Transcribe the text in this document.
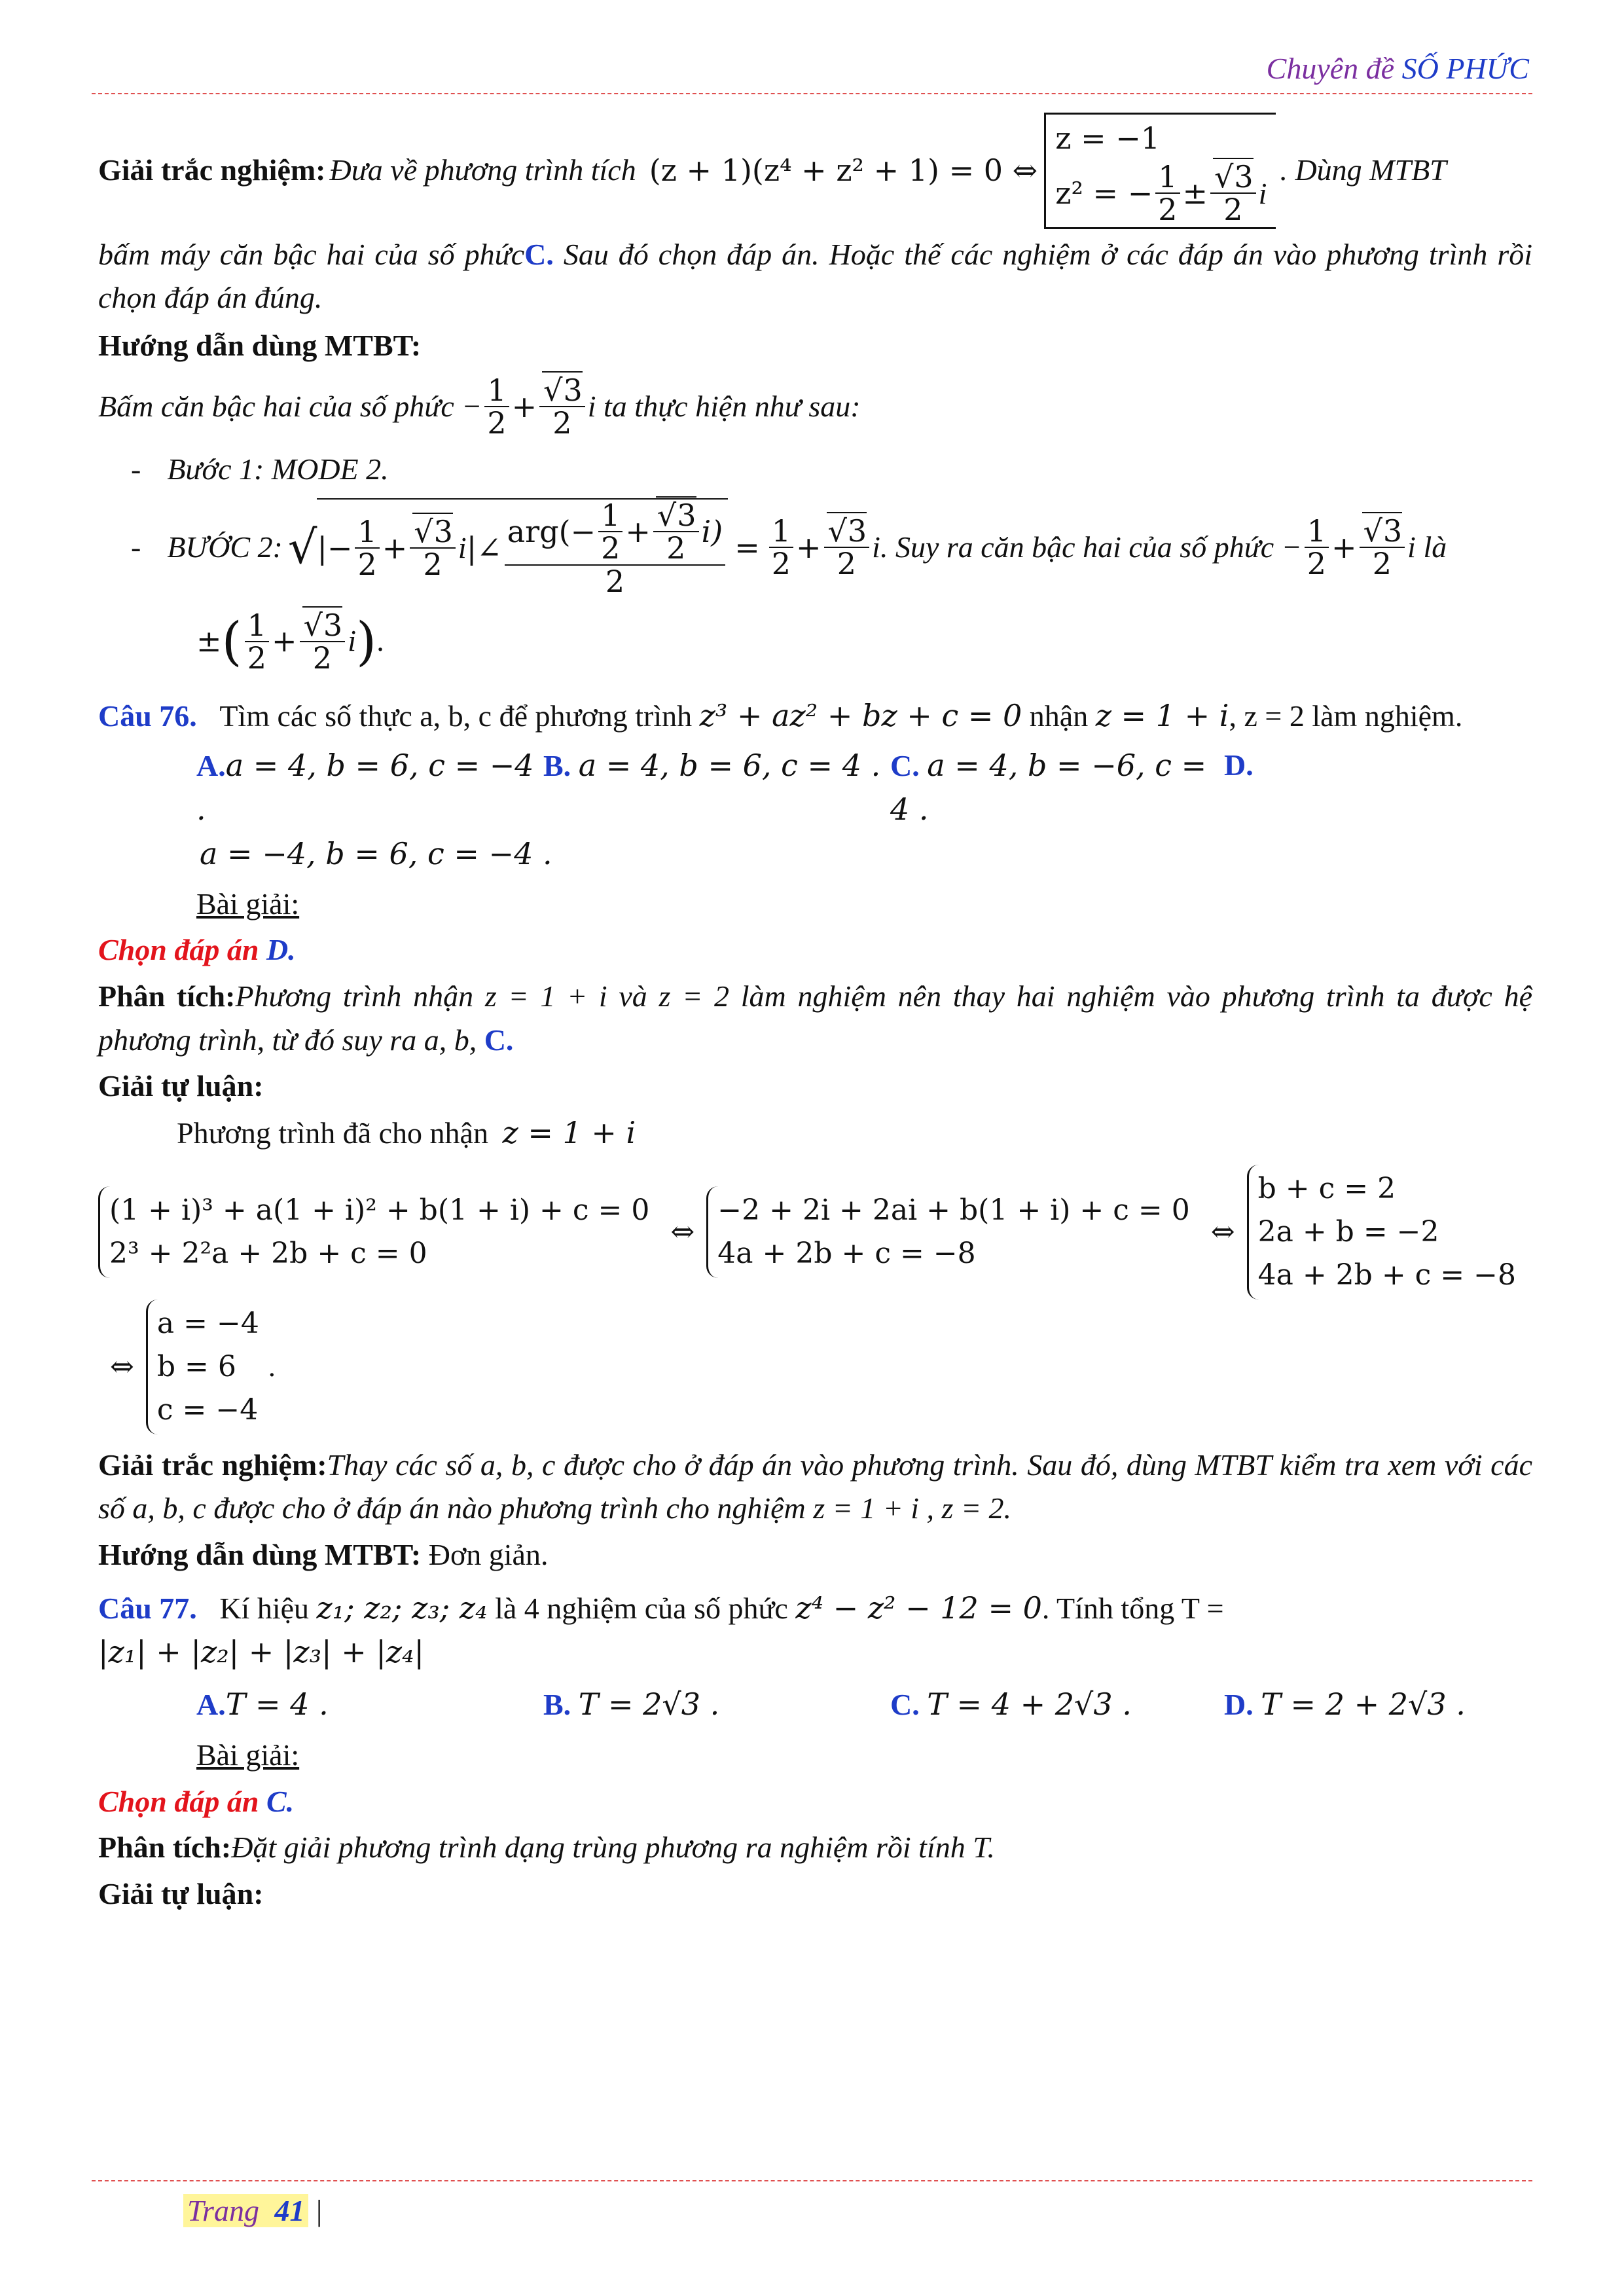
Chuyên đề SỐ PHỨC
Giải trắc nghiệm: Đưa về phương trình tích (z + 1)(z⁴ + z² + 1) = 0 ⇔
z = −1
z² = − $\frac{1}{2}$ ± √ $\frac{3}{2}$ i
. Dùng MTBT

bấm máy căn bậc hai của số phứcC. Sau đó chọn đáp án. Hoặc thế các nghiệm ở các đáp án vào phương trình rồi chọn đáp án đúng.

Hướng dẫn dùng MTBT:

Bấm căn bậc hai của số phức − $\frac{1}{2}$ + √ $\frac{3}{2}$ i ta thực hiện như sau:
- Bước 1: MODE 2.
- BƯỚC 2: √ |− $\frac{1}{2}$ + √ $\frac{3}{2}$ i |∠ $\frac{arg(- \frac{1}{2} + √ \frac{3}{2} i)}{2} = \frac{1}{2}$ + √ $\frac{3}{2}$ i . Suy ra căn bậc hai của số phức − $\frac{1}{2}$ + √ $\frac{3}{2}$ i là
± ( $\frac{1}{2}$ + √ $\frac{3}{2}$ i ) .

Câu 76. Tìm các số thực a, b, c để phương trình z³ + az² + bz + c = 0 nhận z = 1 + i, z = 2 làm nghiệm.

A.a = 4, b = 6, c = −4 .
B. a = 4, b = 6, c = 4 . C. a = 4, b = −6, c = 4 .
D.
a = −4, b = 6, c = −4 .
Bài giải:

Chọn đáp án D.

Phân tích:Phương trình nhận z = 1 + i và z = 2 làm nghiệm nên thay hai nghiệm vào phương trình ta được hệ phương trình, từ đó suy ra a, b, C.

Giải tự luận:

Phương trình đã cho nhận z = 1 + i
(1 + i)³ + a(1 + i)² + b(1 + i) + c = 0
2³ + 2²a + 2b + c = 0
⇔
−2 + 2i + 2ai + b(1 + i) + c = 0
4a + 2b + c = −8
⇔
b + c = 2
2a + b = −2
4a + 2b + c = −8
⇔
a = −4
b = 6
c = −4
.

Giải trắc nghiệm:Thay các số a, b, c được cho ở đáp án vào phương trình. Sau đó, dùng MTBT kiểm tra xem với các số a, b, c được cho ở đáp án nào phương trình cho nghiệm z = 1 + i , z = 2.

Hướng dẫn dùng MTBT: Đơn giản.

Câu 77. Kí hiệu z₁; z₂; z₃; z₄ là 4 nghiệm của số phức z⁴ − z² − 12 = 0. Tính tổng T =
|z₁| + |z₂| + |z₃| + |z₄|

A.T = 4 .	B. T = 2√3 .	C. T = 4 + 2√3 .	D. T = 2 + 2√3 .
Bài giải:

Chọn đáp án C.

Phân tích:Đặt giải phương trình dạng trùng phương ra nghiệm rồi tính T.

Giải tự luận:

Trang 41 |
